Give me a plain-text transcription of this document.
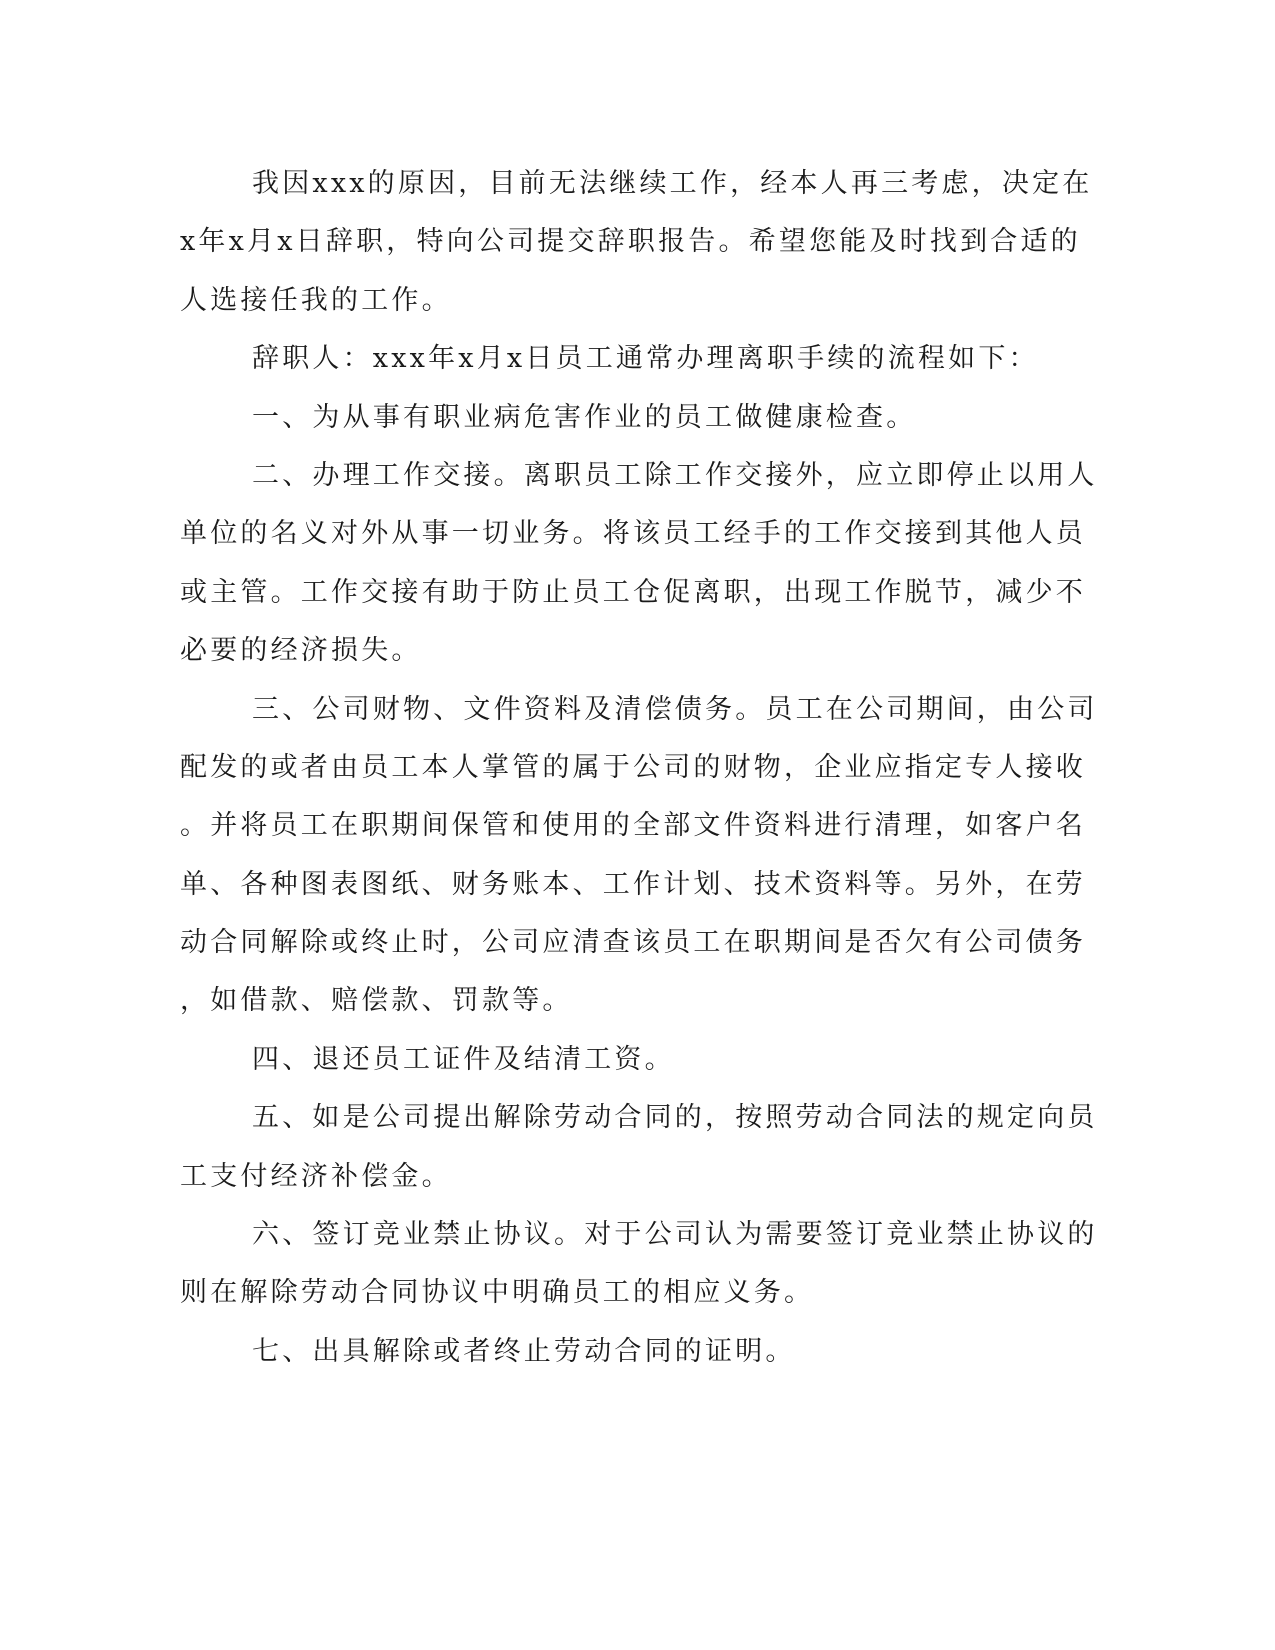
我因xxx的原因，目前无法继续工作，经本人再三考虑，决定在
x年x月x日辞职，特向公司提交辞职报告。希望您能及时找到合适的
人选接任我的工作。
辞职人：xxx年x月x日员工通常办理离职手续的流程如下：
一、为从事有职业病危害作业的员工做健康检查。
二、办理工作交接。离职员工除工作交接外，应立即停止以用人
单位的名义对外从事一切业务。将该员工经手的工作交接到其他人员
或主管。工作交接有助于防止员工仓促离职，出现工作脱节，减少不
必要的经济损失。
三、公司财物、文件资料及清偿债务。员工在公司期间，由公司
配发的或者由员工本人掌管的属于公司的财物，企业应指定专人接收
。并将员工在职期间保管和使用的全部文件资料进行清理，如客户名
单、各种图表图纸、财务账本、工作计划、技术资料等。另外，在劳
动合同解除或终止时，公司应清查该员工在职期间是否欠有公司债务
，如借款、赔偿款、罚款等。
四、退还员工证件及结清工资。
五、如是公司提出解除劳动合同的，按照劳动合同法的规定向员
工支付经济补偿金。
六、签订竞业禁止协议。对于公司认为需要签订竞业禁止协议的
则在解除劳动合同协议中明确员工的相应义务。
七、出具解除或者终止劳动合同的证明。
